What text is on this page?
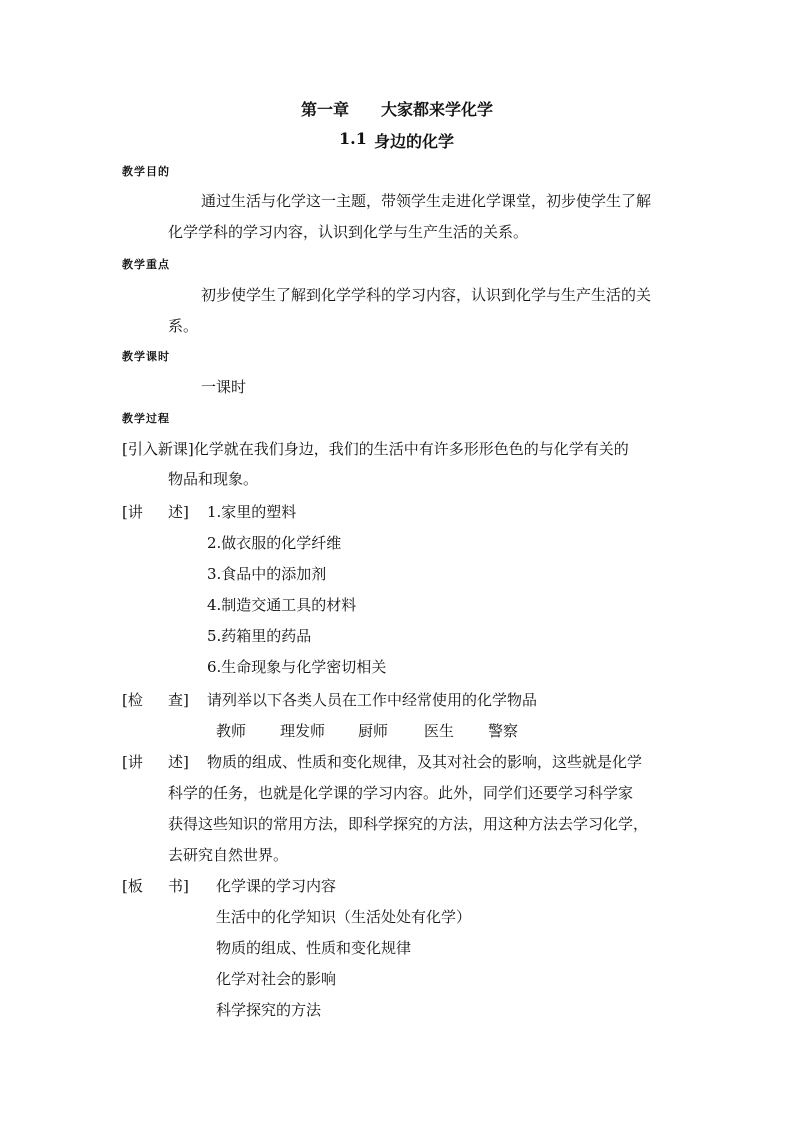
第一章 大家都来学化学
1.1 身边的化学
教学目的
通过生活与化学这一主题，带领学生走进化学课堂，初步使学生了解
化学学科的学习内容，认识到化学与生产生活的关系。
教学重点
初步使学生了解到化学学科的学习内容，认识到化学与生产生活的关
系。
教学课时
一课时
教学过程
[引入新课]化学就在我们身边，我们的生活中有许多形形色色的与化学有关的
物品和现象。
[讲 述] 1.家里的塑料
2.做衣服的化学纤维
3.食品中的添加剂
4.制造交通工具的材料
5.药箱里的药品
6.生命现象与化学密切相关
[检 查] 请列举以下各类人员在工作中经常使用的化学物品
教师 理发师 厨师 医生 警察
[讲 述] 物质的组成、性质和变化规律，及其对社会的影响，这些就是化学
科学的任务，也就是化学课的学习内容。此外，同学们还要学习科学家
获得这些知识的常用方法，即科学探究的方法，用这种方法去学习化学，
去研究自然世界。
[板 书] 化学课的学习内容
生活中的化学知识（生活处处有化学）
物质的组成、性质和变化规律
化学对社会的影响
科学探究的方法
